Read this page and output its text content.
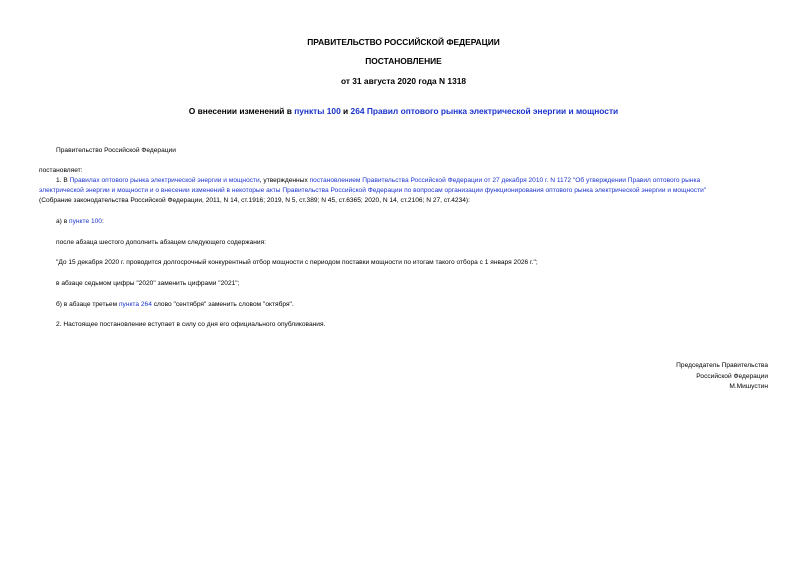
ПРАВИТЕЛЬСТВО РОССИЙСКОЙ ФЕДЕРАЦИИ
ПОСТАНОВЛЕНИЕ
от 31 августа 2020 года N 1318
О внесении изменений в пункты 100 и 264 Правил оптового рынка электрической энергии и мощности
Правительство Российской Федерации
постановляет:
1. В Правилах оптового рынка электрической энергии и мощности, утвержденных постановлением Правительства Российской Федерации от 27 декабря 2010 г. N 1172 "Об утверждении Правил оптового рынка
электрической энергии и мощности и о внесении изменений в некоторые акты Правительства Российской Федерации по вопросам организации функционирования оптового рынка электрической энергии и мощности"
(Собрание законодательства Российской Федерации, 2011, N 14, ст.1916; 2019, N 5, ст.389; N 45, ст.6365; 2020, N 14, ст.2106; N 27, ст.4234):
а) в пункте 100:
после абзаца шестого дополнить абзацем следующего содержания:
"До 15 декабря 2020 г. проводится долгосрочный конкурентный отбор мощности с периодом поставки мощности по итогам такого отбора с 1 января 2026 г.";
в абзаце седьмом цифры "2020" заменить цифрами "2021";
б) в абзаце третьем пункта 264 слово "сентября" заменить словом "октября".
2. Настоящее постановление вступает в силу со дня его официального опубликования.
Председатель Правительства
Российской Федерации
М.Мишустин
